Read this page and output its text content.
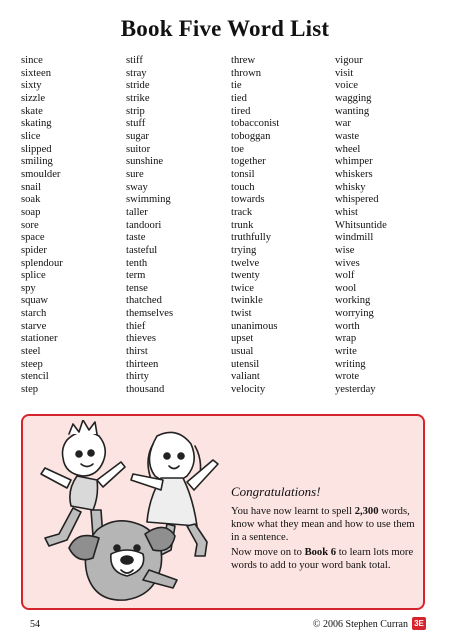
Book Five Word List
since
sixteen
sixty
sizzle
skate
skating
slice
slipped
smiling
smoulder
snail
soak
soap
sore
space
spider
splendour
splice
spy
squaw
starch
starve
stationer
steel
steep
stencil
step
stiff
stray
stride
strike
strip
stuff
sugar
suitor
sunshine
sure
sway
swimming
taller
tandoori
taste
tasteful
tenth
term
tense
thatched
themselves
thief
thieves
thirst
thirteen
thirty
thousand
threw
thrown
tie
tied
tired
tobacconist
toboggan
toe
together
tonsil
touch
towards
track
trunk
truthfully
trying
twelve
twenty
twice
twinkle
twist
unanimous
upset
usual
utensil
valiant
velocity
vigour
visit
voice
wagging
wanting
war
waste
wheel
whimper
whiskers
whisky
whispered
whist
Whitsuntide
windmill
wise
wives
wolf
wool
working
worrying
worth
wrap
write
writing
wrote
yesterday
Congratulations!

You have now learnt to spell 2,300 words, know what they mean and how to use them in a sentence.

Now move on to Book 6 to learn lots more words to add to your word bank total.

54	© 2006 Stephen Curran 3E
